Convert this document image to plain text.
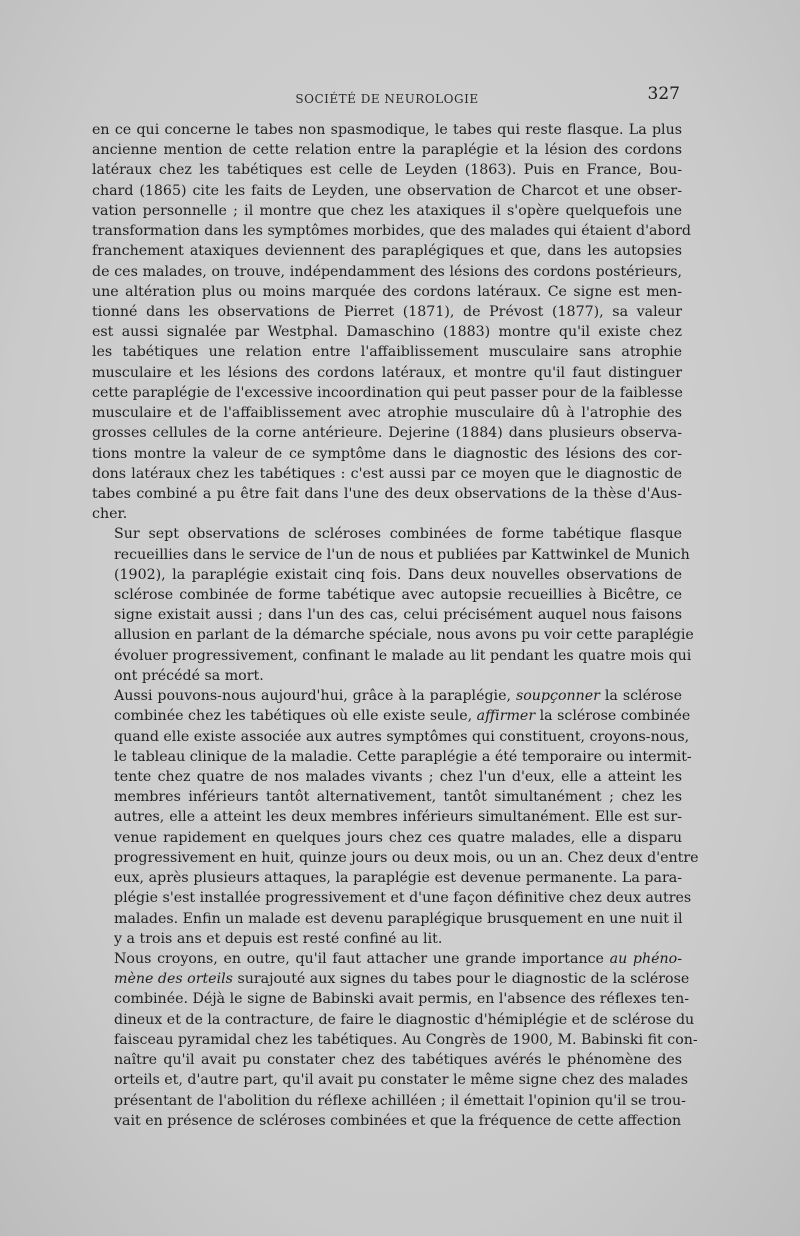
SOCIÉTÉ DE NEUROLOGIE	327
en ce qui concerne le tabes non spasmodique, le tabes qui reste flasque. La plus
ancienne mention de cette relation entre la paraplégie et la lésion des cordons
latéraux chez les tabétiques est celle de Leyden (1863). Puis en France, Bou-
chard (1865) cite les faits de Leyden, une observation de Charcot et une obser-
vation personnelle ; il montre que chez les ataxiques il s'opère quelquefois une
transformation dans les symptômes morbides, que des malades qui étaient d'abord
franchement ataxiques deviennent des paraplégiques et que, dans les autopsies
de ces malades, on trouve, indépendamment des lésions des cordons postérieurs,
une altération plus ou moins marquée des cordons latéraux. Ce signe est men-
tionné dans les observations de Pierret (1871), de Prévost (1877), sa valeur
est aussi signalée par Westphal. Damaschino (1883) montre qu'il existe chez
les tabétiques une relation entre l'affaiblissement musculaire sans atrophie
musculaire et les lésions des cordons latéraux, et montre qu'il faut distinguer
cette paraplégie de l'excessive incoordination qui peut passer pour de la faiblesse
musculaire et de l'affaiblissement avec atrophie musculaire dû à l'atrophie des
grosses cellules de la corne antérieure. Dejerine (1884) dans plusieurs observa-
tions montre la valeur de ce symptôme dans le diagnostic des lésions des cor-
dons latéraux chez les tabétiques : c'est aussi par ce moyen que le diagnostic de
tabes combiné a pu être fait dans l'une des deux observations de la thèse d'Aus-
cher.
Sur sept observations de scléroses combinées de forme tabétique flasque
recueillies dans le service de l'un de nous et publiées par Kattwinkel de Munich
(1902), la paraplégie existait cinq fois. Dans deux nouvelles observations de
sclérose combinée de forme tabétique avec autopsie recueillies à Bicêtre, ce
signe existait aussi ; dans l'un des cas, celui précisément auquel nous faisons
allusion en parlant de la démarche spéciale, nous avons pu voir cette paraplégie
évoluer progressivement, confinant le malade au lit pendant les quatre mois qui
ont précédé sa mort.
Aussi pouvons-nous aujourd'hui, grâce à la paraplégie, soupçonner la sclérose
combinée chez les tabétiques où elle existe seule, affirmer la sclérose combinée
quand elle existe associée aux autres symptômes qui constituent, croyons-nous,
le tableau clinique de la maladie. Cette paraplégie a été temporaire ou intermit-
tente chez quatre de nos malades vivants ; chez l'un d'eux, elle a atteint les
membres inférieurs tantôt alternativement, tantôt simultanément ; chez les
autres, elle a atteint les deux membres inférieurs simultanément. Elle est sur-
venue rapidement en quelques jours chez ces quatre malades, elle a disparu
progressivement en huit, quinze jours ou deux mois, ou un an. Chez deux d'entre
eux, après plusieurs attaques, la paraplégie est devenue permanente. La para-
plégie s'est installée progressivement et d'une façon définitive chez deux autres
malades. Enfin un malade est devenu paraplégique brusquement en une nuit il
y a trois ans et depuis est resté confiné au lit.
Nous croyons, en outre, qu'il faut attacher une grande importance au phéno-
mène des orteils surajouté aux signes du tabes pour le diagnostic de la sclérose
combinée. Déjà le signe de Babinski avait permis, en l'absence des réflexes ten-
dineux et de la contracture, de faire le diagnostic d'hémiplégie et de sclérose du
faisceau pyramidal chez les tabétiques. Au Congrès de 1900, M. Babinski fit con-
naître qu'il avait pu constater chez des tabétiques avérés le phénomène des
orteils et, d'autre part, qu'il avait pu constater le même signe chez des malades
présentant de l'abolition du réflexe achilléen ; il émettait l'opinion qu'il se trou-
vait en présence de scléroses combinées et que la fréquence de cette affection
